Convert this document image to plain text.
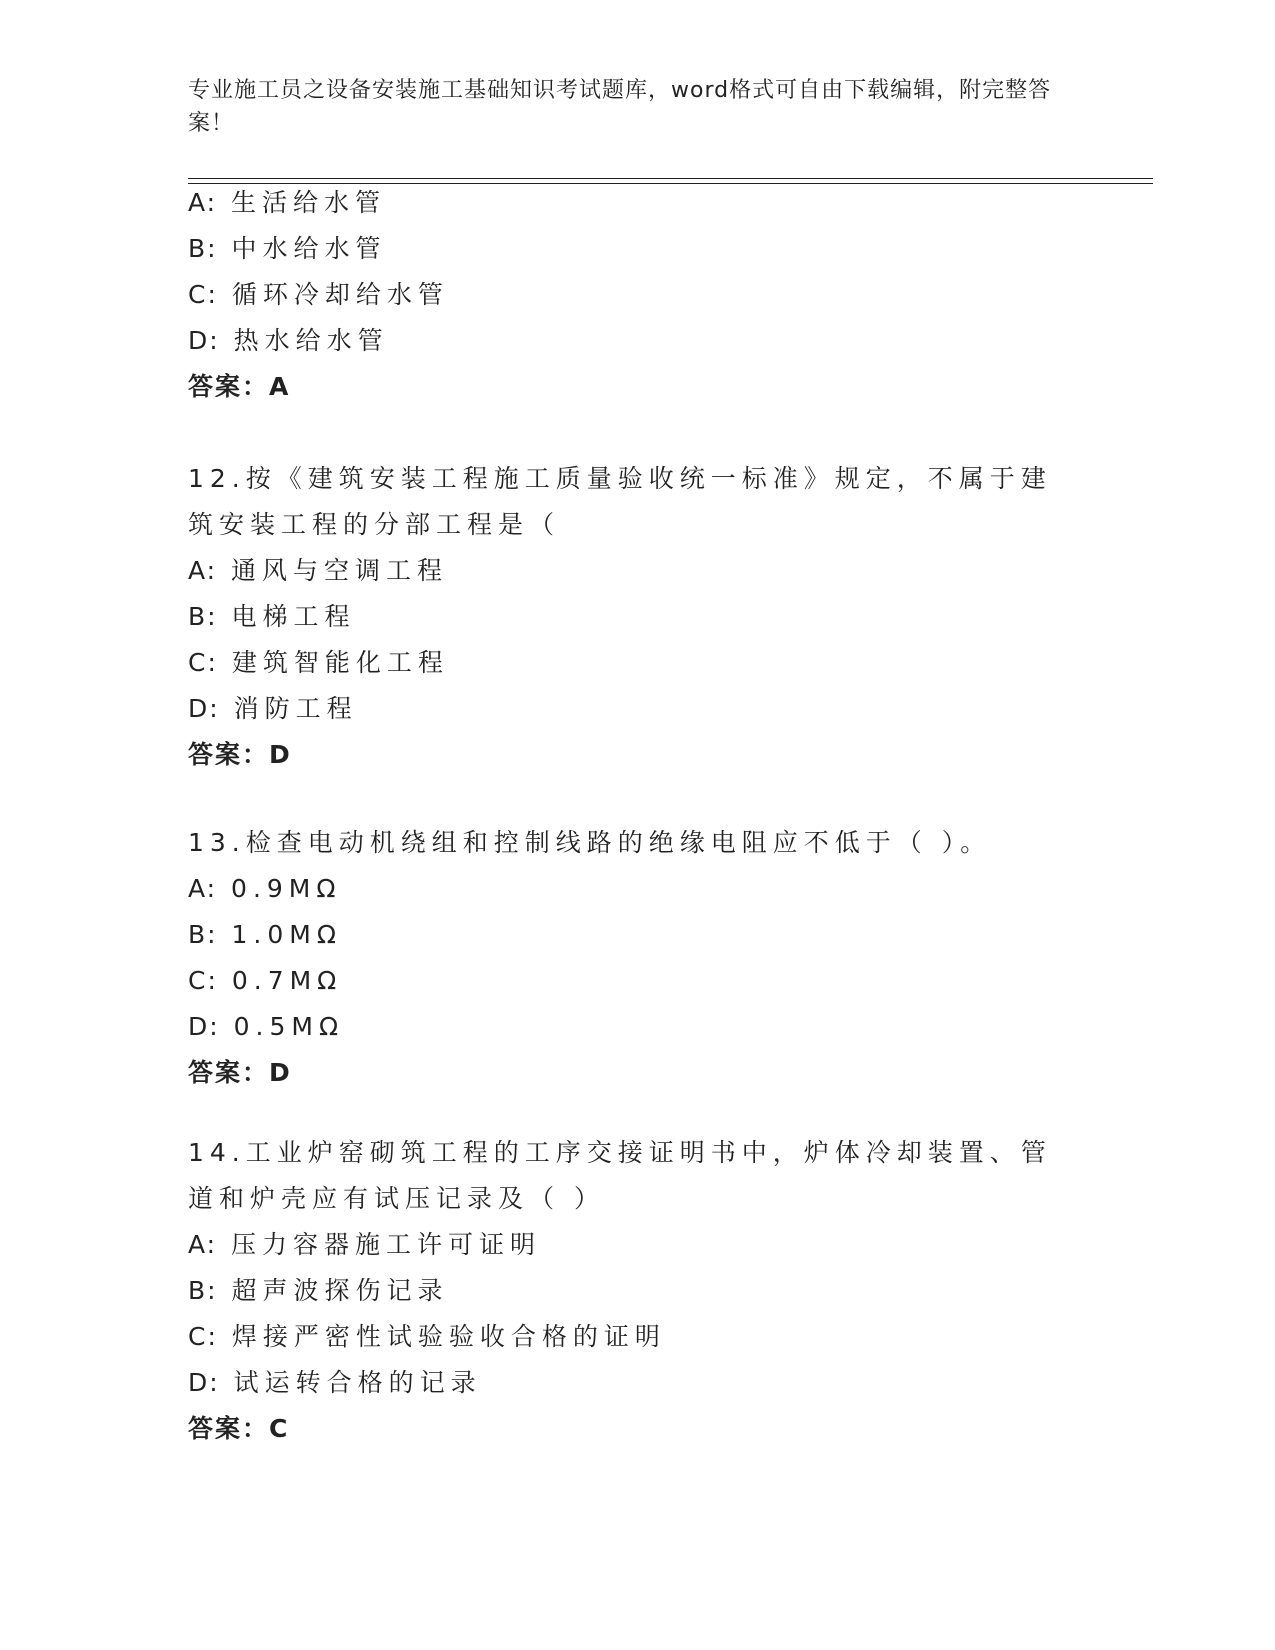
专业施工员之设备安装施工基础知识考试题库，word格式可自由下载编辑，附完整答案！
A: 生活给水管
B: 中水给水管
C: 循环冷却给水管
D: 热水给水管
答案：A
12.按《建筑安装工程施工质量验收统一标准》规定，不属于建筑安装工程的分部工程是（
A: 通风与空调工程
B: 电梯工程
C: 建筑智能化工程
D: 消防工程
答案：D
13.检查电动机绕组和控制线路的绝缘电阻应不低于（ ）。
A: 0.9MΩ
B: 1.0MΩ
C: 0.7MΩ
D: 0.5MΩ
答案：D
14.工业炉窑砌筑工程的工序交接证明书中，炉体冷却装置、管道和炉壳应有试压记录及（ ）
A: 压力容器施工许可证明
B: 超声波探伤记录
C: 焊接严密性试验验收合格的证明
D: 试运转合格的记录
答案：C
